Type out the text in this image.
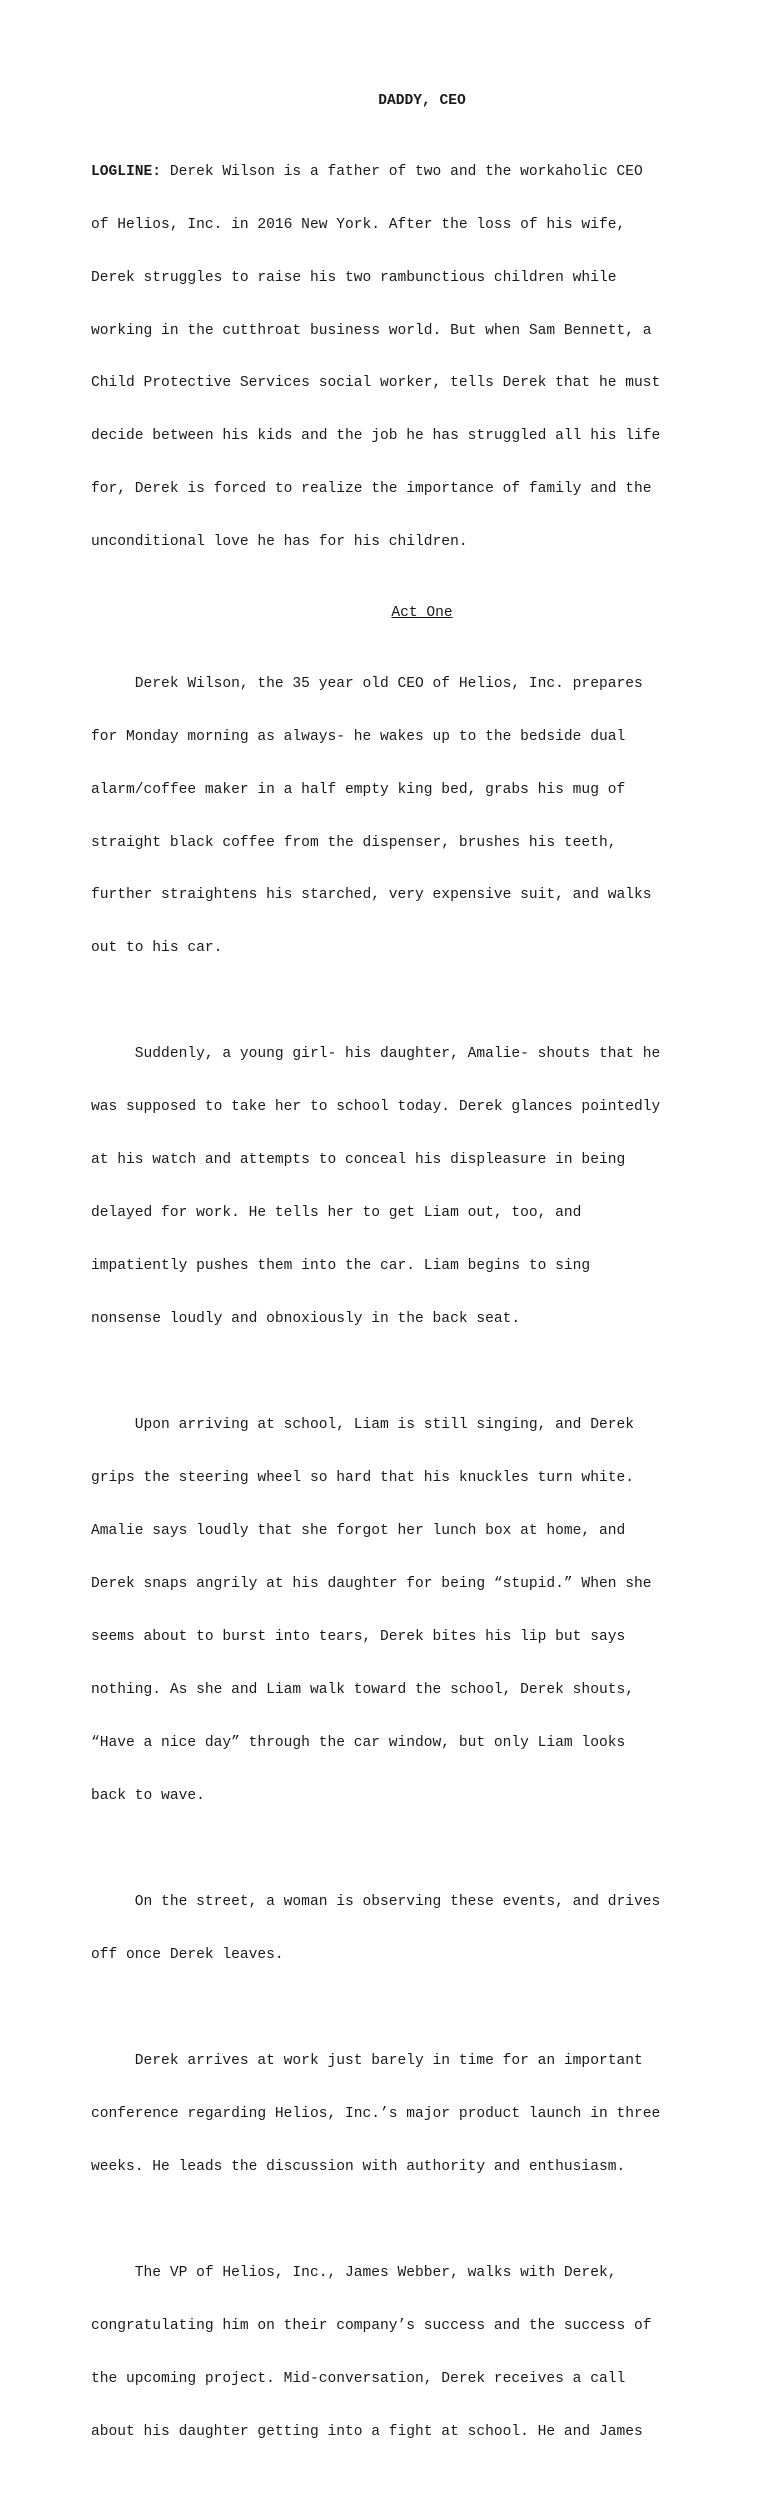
DADDY, CEO

LOGLINE: Derek Wilson is a father of two and the workaholic CEO

of Helios, Inc. in 2016 New York. After the loss of his wife,

Derek struggles to raise his two rambunctious children while

working in the cutthroat business world. But when Sam Bennett, a

Child Protective Services social worker, tells Derek that he must

decide between his kids and the job he has struggled all his life

for, Derek is forced to realize the importance of family and the

unconditional love he has for his children.

Act One

Derek Wilson, the 35 year old CEO of Helios, Inc. prepares

for Monday morning as always- he wakes up to the bedside dual

alarm/coffee maker in a half empty king bed, grabs his mug of

straight black coffee from the dispenser, brushes his teeth,

further straightens his starched, very expensive suit, and walks

out to his car.

Suddenly, a young girl- his daughter, Amalie- shouts that he

was supposed to take her to school today. Derek glances pointedly

at his watch and attempts to conceal his displeasure in being

delayed for work. He tells her to get Liam out, too, and

impatiently pushes them into the car. Liam begins to sing

nonsense loudly and obnoxiously in the back seat.

Upon arriving at school, Liam is still singing, and Derek

grips the steering wheel so hard that his knuckles turn white.

Amalie says loudly that she forgot her lunch box at home, and

Derek snaps angrily at his daughter for being “stupid.” When she

seems about to burst into tears, Derek bites his lip but says

nothing. As she and Liam walk toward the school, Derek shouts,

“Have a nice day” through the car window, but only Liam looks

back to wave.

On the street, a woman is observing these events, and drives

off once Derek leaves.

Derek arrives at work just barely in time for an important

conference regarding Helios, Inc.’s major product launch in three

weeks. He leads the discussion with authority and enthusiasm.

The VP of Helios, Inc., James Webber, walks with Derek,

congratulating him on their company’s success and the success of

the upcoming project. Mid-conversation, Derek receives a call

about his daughter getting into a fight at school. He and James
